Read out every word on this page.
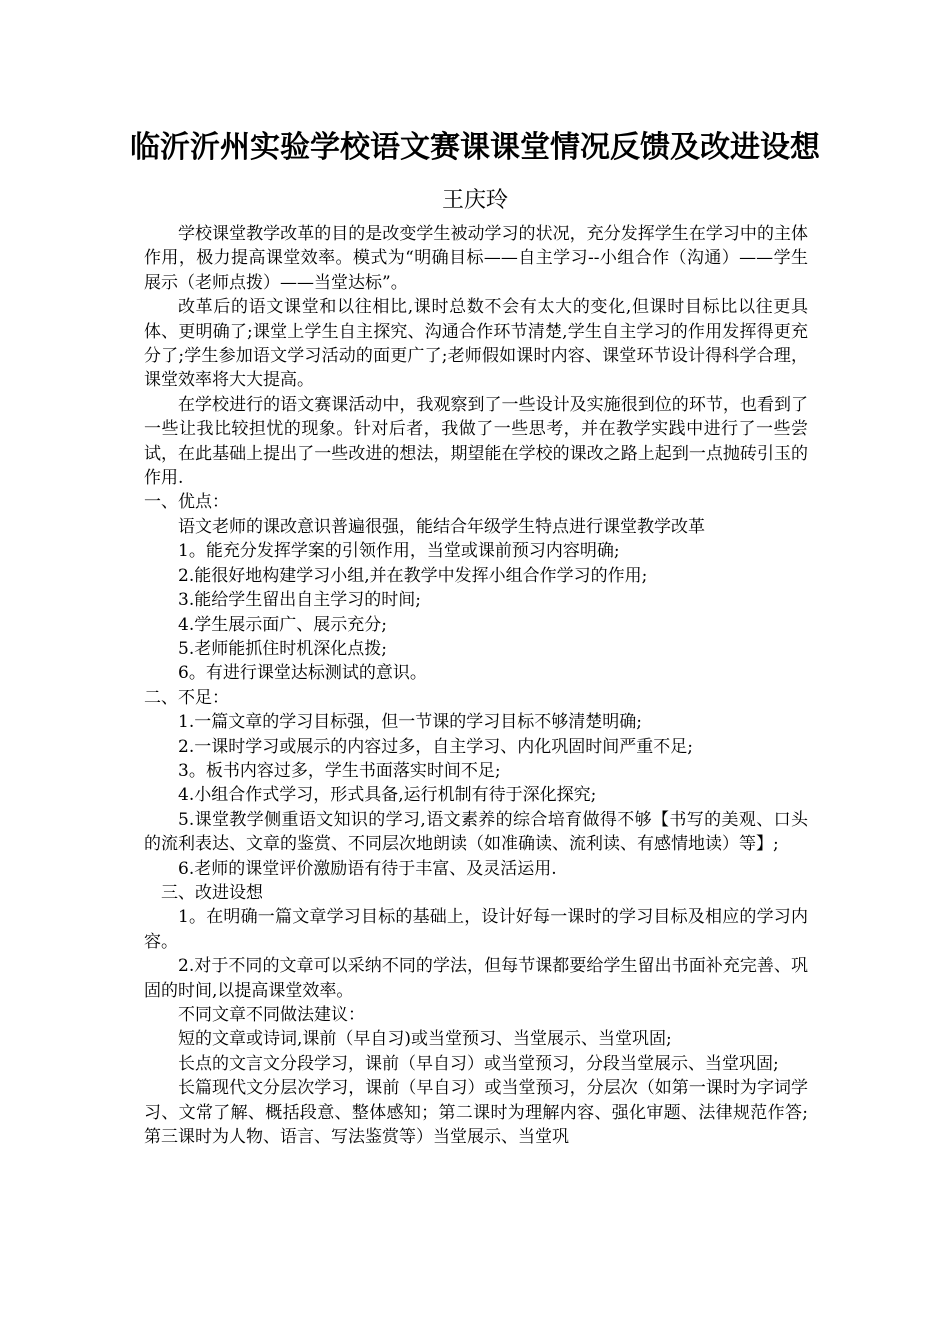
临沂沂州实验学校语文赛课课堂情况反馈及改进设想
王庆玲

学校课堂教学改革的目的是改变学生被动学习的状况，充分发挥学生在学习中的主体作用，极力提高课堂效率。模式为“明确目标——自主学习--小组合作（沟通）——学生展示（老师点拨）——当堂达标”。

改革后的语文课堂和以往相比,课时总数不会有太大的变化,但课时目标比以往更具体、更明确了;课堂上学生自主探究、沟通合作环节清楚,学生自主学习的作用发挥得更充分了;学生参加语文学习活动的面更广了;老师假如课时内容、课堂环节设计得科学合理，课堂效率将大大提高。

在学校进行的语文赛课活动中，我观察到了一些设计及实施很到位的环节，也看到了一些让我比较担忧的现象。针对后者，我做了一些思考，并在教学实践中进行了一些尝试，在此基础上提出了一些改进的想法，期望能在学校的课改之路上起到一点抛砖引玉的作用.

一、优点：

语文老师的课改意识普遍很强，能结合年级学生特点进行课堂教学改革

1。能充分发挥学案的引领作用，当堂或课前预习内容明确;

2.能很好地构建学习小组,并在教学中发挥小组合作学习的作用;

3.能给学生留出自主学习的时间;

4.学生展示面广、展示充分;

5.老师能抓住时机深化点拨;

6。有进行课堂达标测试的意识。

二、不足：

1.一篇文章的学习目标强，但一节课的学习目标不够清楚明确;

2.一课时学习或展示的内容过多，自主学习、内化巩固时间严重不足;

3。板书内容过多，学生书面落实时间不足;

4.小组合作式学习，形式具备,运行机制有待于深化探究;

5.课堂教学侧重语文知识的学习,语文素养的综合培育做得不够【书写的美观、口头的流利表达、文章的鉴赏、不同层次地朗读（如准确读、流利读、有感情地读）等】;

6.老师的课堂评价激励语有待于丰富、及灵活运用.

三、改进设想

1。在明确一篇文章学习目标的基础上，设计好每一课时的学习目标及相应的学习内容。

2.对于不同的文章可以采纳不同的学法，但每节课都要给学生留出书面补充完善、巩固的时间,以提高课堂效率。

不同文章不同做法建议：

短的文章或诗词,课前（早自习)或当堂预习、当堂展示、当堂巩固;

长点的文言文分段学习，课前（早自习）或当堂预习，分段当堂展示、当堂巩固;

长篇现代文分层次学习，课前（早自习）或当堂预习，分层次（如第一课时为字词学习、文常了解、概括段意、整体感知；第二课时为理解内容、强化审题、法律规范作答;第三课时为人物、语言、写法鉴赏等）当堂展示、当堂巩
